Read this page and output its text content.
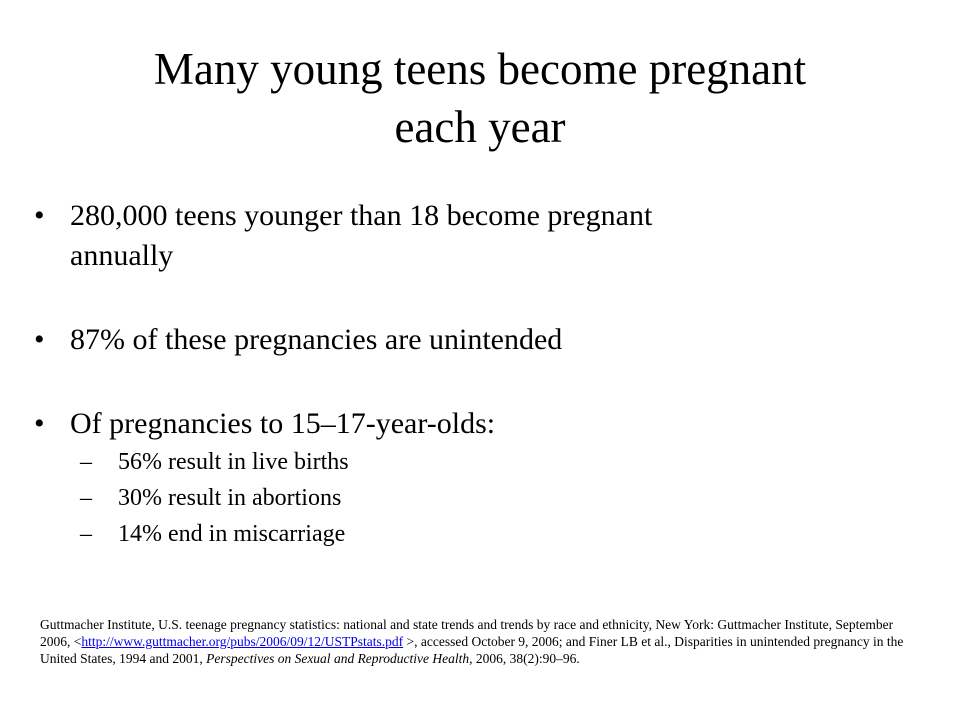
Many young teens become pregnant
each year
• 280,000 teens younger than 18 become pregnant
annually
• 87% of these pregnancies are unintended
• Of pregnancies to 15–17-year-olds:
– 56% result in live births
– 30% result in abortions
– 14% end in miscarriage
Guttmacher Institute, U.S. teenage pregnancy statistics: national and state trends and trends by race and ethnicity, New York: Guttmacher Institute, September 2006, <http://www.guttmacher.org/pubs/2006/09/12/USTPstats.pdf >, accessed October 9, 2006; and Finer LB et al., Disparities in unintended pregnancy in the United States, 1994 and 2001, Perspectives on Sexual and Reproductive Health, 2006, 38(2):90–96.
